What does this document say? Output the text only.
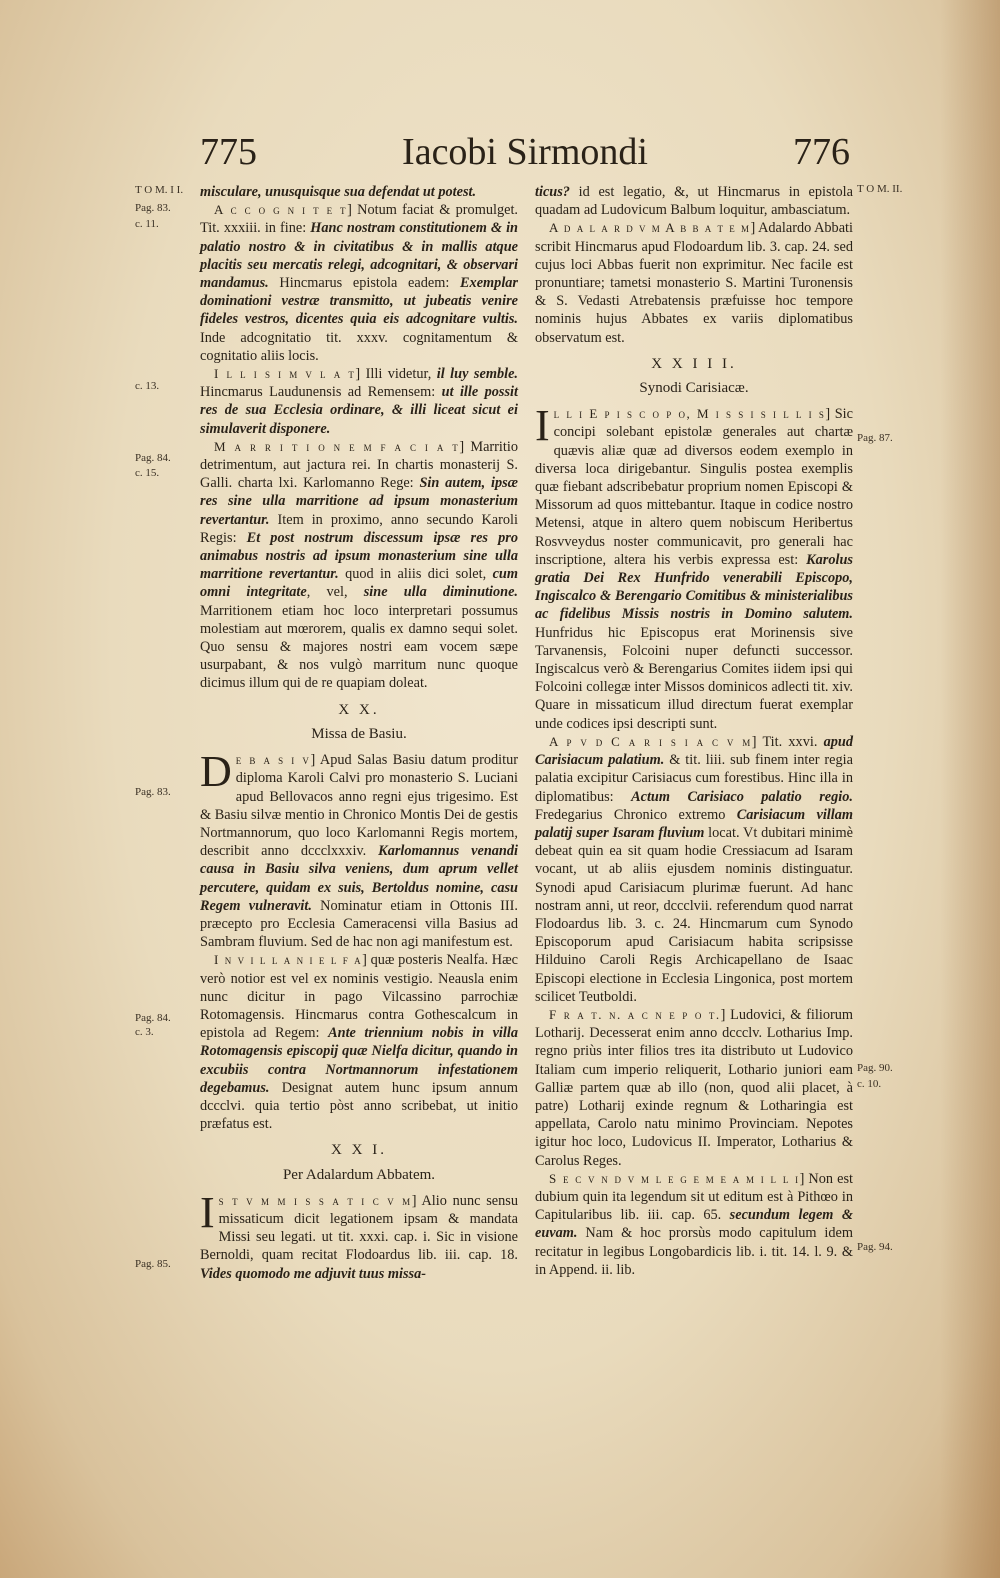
775	Iacobi Sirmondi	776
T O M. I I.
Pag. 83.
c. 11.
c. 13.
Pag. 84.
c. 15.
Pag. 83.
Pag. 84.
c. 3.
Pag. 85.
T O M. II.
Pag. 87.
Pag. 90.
c. 10.
Pag. 94.

misculare, unusquisque sua defendat ut potest.

A c c o g n i t e t] Notum faciat & promulget. Tit. xxxiii. in fine: Hanc nostram constitutionem & in palatio nostro & in civitatibus & in mallis atque placitis seu mercatis relegi, adcognitari, & observari mandamus. Hincmarus epistola eadem: Exemplar dominationi vestræ transmitto, ut jubeatis venire fideles vestros, dicentes quia eis adcognitare vultis. Inde adcognitatio tit. xxxv. cognitamentum & cognitatio aliis locis.

I l l i s i m v l a t] Illi videtur, il luy semble. Hincmarus Laudunensis ad Remensem: ut ille possit res de sua Ecclesia ordinare, & illi liceat sicut ei simulaverit disponere.

M a r r i t i o n e m f a c i a t] Marritio detrimentum, aut jactura rei. In chartis monasterij S. Galli. charta lxi. Karlomanno Rege: Sin autem, ipsæ res sine ulla marritione ad ipsum monasterium revertantur. Item in proximo, anno secundo Karoli Regis: Et post nostrum discessum ipsæ res pro animabus nostris ad ipsum monasterium sine ulla marritione revertantur. quod in aliis dici solet, cum omni integritate, vel, sine ulla diminutione. Marritionem etiam hoc loco interpretari possumus molestiam aut mœrorem, qualis ex damno sequi solet. Quo sensu & majores nostri eam vocem sæpe usurpabant, & nos vulgò marritum nunc quoque dicimus illum qui de re quapiam doleat.

X X.
Missa de Basiu.

De b a s i v] Apud Salas Basiu datum proditur diploma Karoli Calvi pro monasterio S. Luciani apud Bellovacos anno regni ejus trigesimo. Est & Basiu silvæ mentio in Chronico Montis Dei de gestis Nortmannorum, quo loco Karlomanni Regis mortem, describit anno dccclxxxiv. Karlomannus venandi causa in Basiu silva veniens, dum aprum vellet percutere, quidam ex suis, Bertoldus nomine, casu Regem vulneravit. Nominatur etiam in Ottonis III. præcepto pro Ecclesia Cameracensi villa Basius ad Sambram fluvium. Sed de hac non agi manifestum est.

I n v i l l a n i e l f a] quæ posteris Nealfa. Hæc verò notior est vel ex nominis vestigio. Neausla enim nunc dicitur in pago Vilcassino parrochiæ Rotomagensis. Hincmarus contra Gothescalcum in epistola ad Regem: Ante triennium nobis in villa Rotomagensis episcopij quæ Nielfa dicitur, quando in excubiis contra Nortmannorum infestationem degebamus. Designat autem hunc ipsum annum dccclvi. quia tertio pòst anno scribebat, ut initio præfatus est.

X X I.
Per Adalardum Abbatem.

Is t v m m i s s a t i c v m] Alio nunc sensu missaticum dicit legationem ipsam & mandata Missi seu legati. ut tit. xxxi. cap. i. Sic in visione Bernoldi, quam recitat Flodoardus lib. iii. cap. 18. Vides quomodo me adjuvit tuus missa-

ticus? id est legatio, &, ut Hincmarus in epistola quadam ad Ludovicum Balbum loquitur, ambasciatum.

A d a l a r d v m A b b a t e m] Adalardo Abbati scribit Hincmarus apud Flodoardum lib. 3. cap. 24. sed cujus loci Abbas fuerit non exprimitur. Nec facile est pronuntiare; tametsi monasterio S. Martini Turonensis & S. Vedasti Atrebatensis præfuisse hoc tempore nominis hujus Abbates ex variis diplomatibus observatum est.

X X I I I.
Synodi Carisiacæ.

Il l i E p i s c o p o, M i s s i s i l l i s] Sic concipi solebant epistolæ generales aut chartæ quævis aliæ quæ ad diversos eodem exemplo in diversa loca dirigebantur. Singulis postea exemplis quæ fiebant adscribebatur proprium nomen Episcopi & Missorum ad quos mittebantur. Itaque in codice nostro Metensi, atque in altero quem nobiscum Heribertus Rosvveydus noster communicavit, pro generali hac inscriptione, altera his verbis expressa est: Karolus gratia Dei Rex Hunfrido venerabili Episcopo, Ingiscalco & Berengario Comitibus & ministerialibus ac fidelibus Missis nostris in Domino salutem. Hunfridus hic Episcopus erat Morinensis sive Tarvanensis, Folcoini nuper defuncti successor. Ingiscalcus verò & Berengarius Comites iidem ipsi qui Folcoini collegæ inter Missos dominicos adlecti tit. xiv. Quare in missaticum illud directum fuerat exemplar unde codices ipsi descripti sunt.

A p v d C a r i s i a c v m] Tit. xxvi. apud Carisiacum palatium. & tit. liii. sub finem inter regia palatia excipitur Carisiacus cum forestibus. Hinc illa in diplomatibus: Actum Carisiaco palatio regio. Fredegarius Chronico extremo Carisiacum villam palatij super Isaram fluvium locat. Vt dubitari minimè debeat quin ea sit quam hodie Cressiacum ad Isaram vocant, ut ab aliis ejusdem nominis distinguatur. Synodi apud Carisiacum plurimæ fuerunt. Ad hanc nostram anni, ut reor, dccclvii. referendum quod narrat Flodoardus lib. 3. c. 24. Hincmarum cum Synodo Episcoporum apud Carisiacum habita scripsisse Hilduino Caroli Regis Archicapellano de Isaac Episcopi electione in Ecclesia Lingonica, post mortem scilicet Teutboldi.

F r a t. n. a c n e p o t.] Ludovici, & filiorum Lotharij. Decesserat enim anno dccclv. Lotharius Imp. regno priùs inter filios tres ita distributo ut Ludovico Italiam cum imperio reliquerit, Lothario juniori eam Galliæ partem quæ ab illo (non, quod alii placet, à patre) Lotharij exinde regnum & Lotharingia est appellata, Carolo natu minimo Provinciam. Nepotes igitur hoc loco, Ludovicus II. Imperator, Lotharius & Carolus Reges.

S e c v n d v m l e g e m e a m i l l i] Non est dubium quin ita legendum sit ut editum est à Pithœo in Capitularibus lib. iii. cap. 65. secundum legem & euvam. Nam & hoc prorsùs modo capitulum idem recitatur in legibus Longobardicis lib. i. tit. 14. l. 9. & in Append. ii. lib.
